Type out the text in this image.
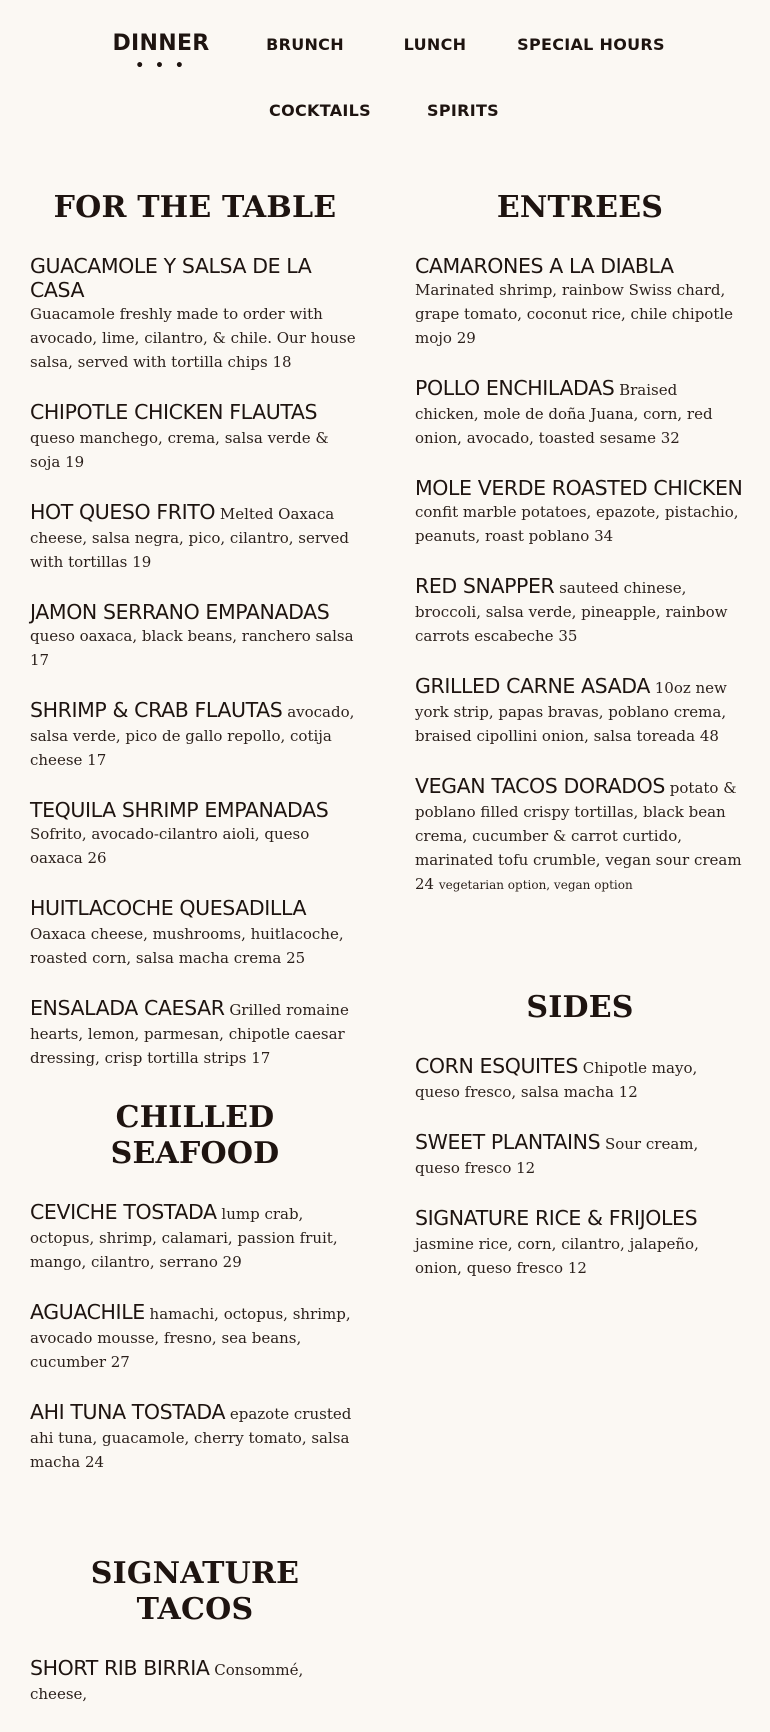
DINNER
• • •
BRUNCH	LUNCH	SPECIAL HOURS
COCKTAILS	SPIRITS
FOR THE TABLE
GUACAMOLE Y SALSA DE LA CASA
Guacamole freshly made to order with avocado, lime, cilantro, & chile. Our house salsa, served with tortilla chips 18
CHIPOTLE CHICKEN FLAUTAS queso manchego, crema, salsa verde & soja 19
HOT QUESO FRITO Melted Oaxaca cheese, salsa negra, pico, cilantro, served with tortillas 19
JAMON SERRANO EMPANADAS
queso oaxaca, black beans, ranchero salsa 17
SHRIMP & CRAB FLAUTAS avocado, salsa verde, pico de gallo repollo, cotija cheese 17
TEQUILA SHRIMP EMPANADAS
Sofrito, avocado-cilantro aioli, queso oaxaca 26
HUITLACOCHE QUESADILLA Oaxaca cheese, mushrooms, huitlacoche, roasted corn, salsa macha crema 25
ENSALADA CAESAR Grilled romaine hearts, lemon, parmesan, chipotle caesar dressing, crisp tortilla strips 17
CHILLED
SEAFOOD
CEVICHE TOSTADA lump crab, octopus, shrimp, calamari, passion fruit, mango, cilantro, serrano 29
AGUACHILE hamachi, octopus, shrimp, avocado mousse, fresno, sea beans, cucumber 27
AHI TUNA TOSTADA epazote crusted ahi tuna, guacamole, cherry tomato, salsa macha 24
SIGNATURE
TACOS
SHORT RIB BIRRIA Consommé, cheese,
ENTREES
CAMARONES A LA DIABLA
Marinated shrimp, rainbow Swiss chard, grape tomato, coconut rice, chile chipotle mojo 29
POLLO ENCHILADAS Braised chicken, mole de doña Juana, corn, red onion, avocado, toasted sesame 32
MOLE VERDE ROASTED CHICKEN
confit marble potatoes, epazote, pistachio, peanuts, roast poblano 34
RED SNAPPER sauteed chinese, broccoli, salsa verde, pineapple, rainbow carrots escabeche 35
GRILLED CARNE ASADA 10oz new york strip, papas bravas, poblano crema, braised cipollini onion, salsa toreada 48
VEGAN TACOS DORADOS potato & poblano filled crispy tortillas, black bean crema, cucumber & carrot curtido, marinated tofu crumble, vegan sour cream 24 vegetarian option, vegan option
SIDES
CORN ESQUITES Chipotle mayo, queso fresco, salsa macha 12
SWEET PLANTAINS Sour cream, queso fresco 12
SIGNATURE RICE & FRIJOLES jasmine rice, corn, cilantro, jalapeño, onion, queso fresco 12
